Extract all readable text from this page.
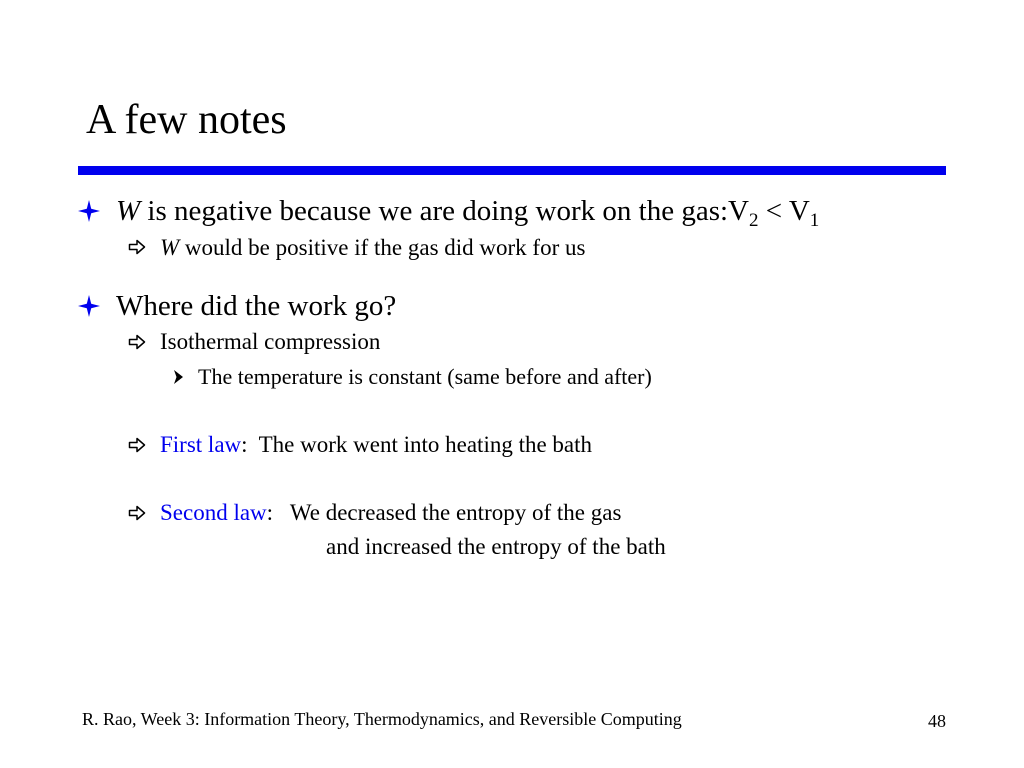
A few notes
W is negative because we are doing work on the $gas:V_2 < V_1$
W would be positive if the gas did work for us
Where did the work go?
Isothermal compression
The temperature is constant (same before and after)
First law:  The work went into heating the bath
Second law:   We decreased the entropy of the gas
and increased the entropy of the bath
R. Rao, Week 3: Information Theory, Thermodynamics, and Reversible Computing	48
